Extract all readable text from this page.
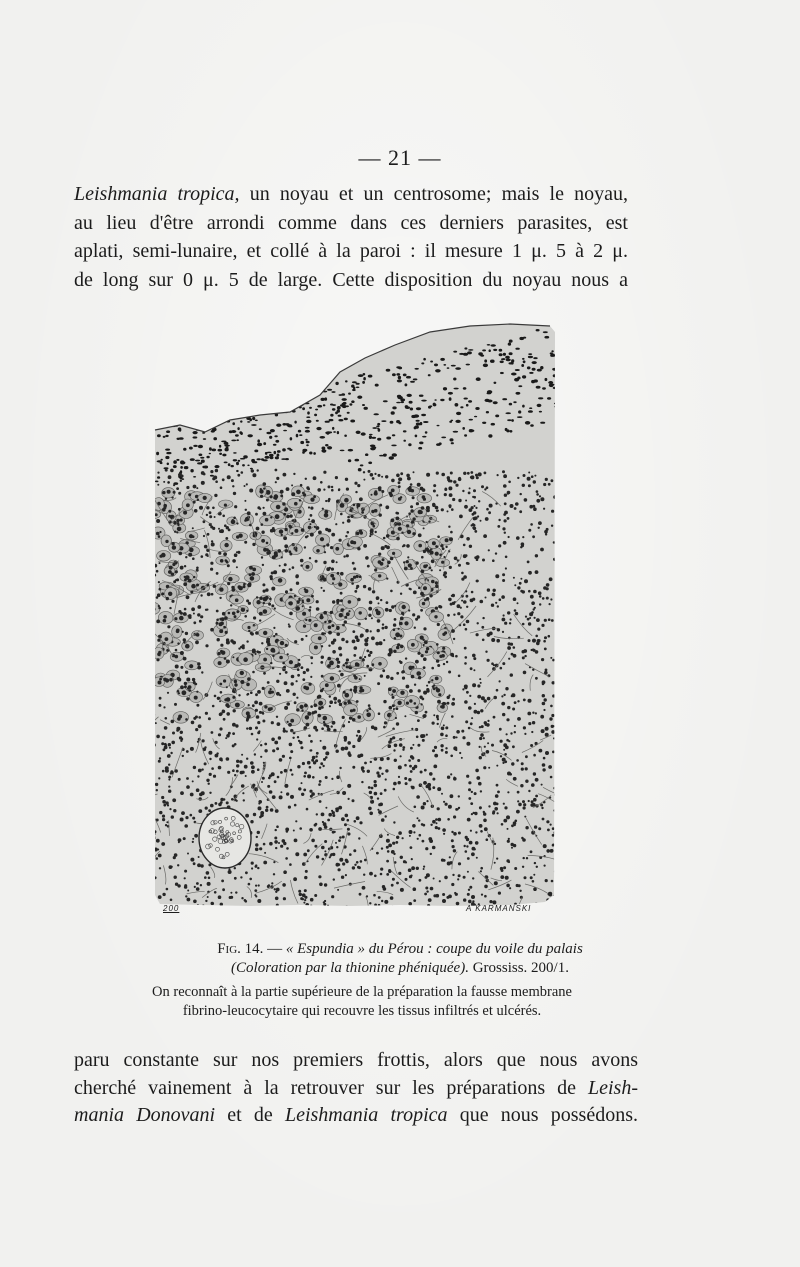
— 21 —
Leishmania tropica, un noyau et un centrosome; mais le noyau,
au lieu d'être arrondi comme dans ces derniers parasites, est
aplati, semi-lunaire, et collé à la paroi : il mesure 1 μ. 5 à 2 μ.
de long sur 0 μ. 5 de large. Cette disposition du noyau nous a
200	A KARMANSKI
Fig. 14. — « Espundia » du Pérou : coupe du voile du palais
(Coloration par la thionine phéniquée). Grossiss. 200/1.
On reconnaît à la partie supérieure de la préparation la fausse membrane
fibrino-leucocytaire qui recouvre les tissus infiltrés et ulcérés.
paru constante sur nos premiers frottis, alors que nous avons
cherché vainement à la retrouver sur les préparations de Leish-
mania Donovani et de Leishmania tropica que nous possédons.
